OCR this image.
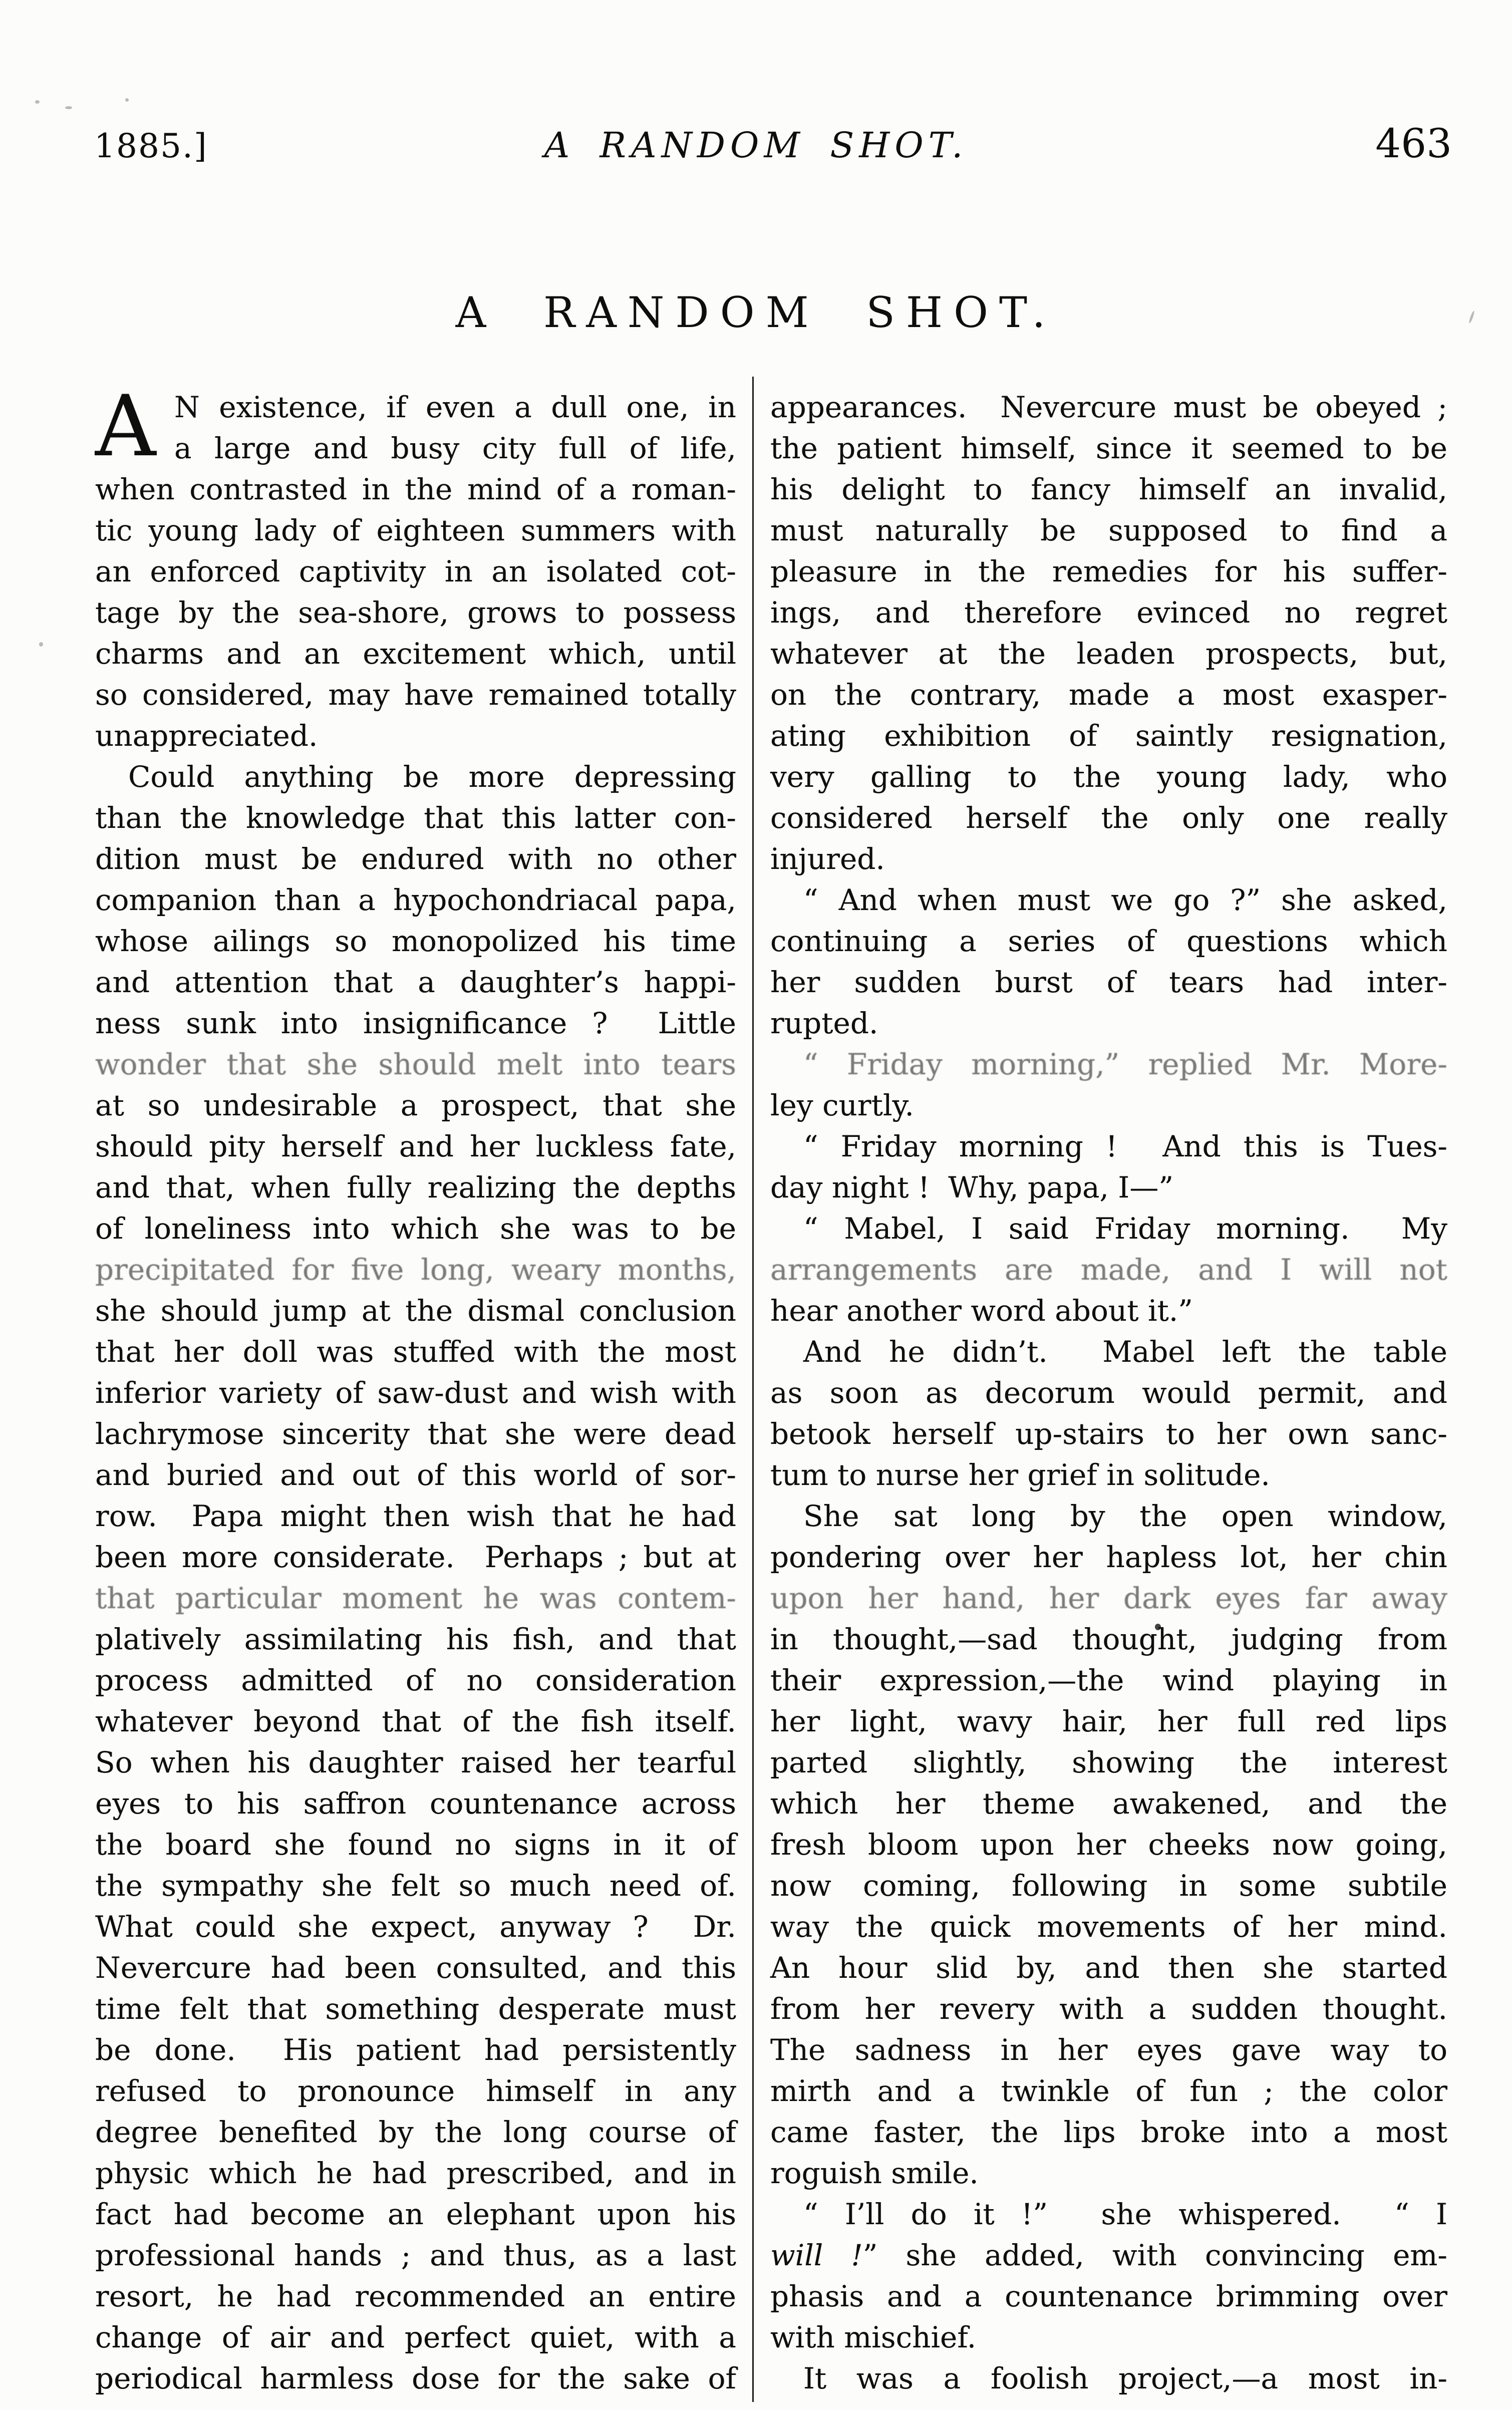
1885.]	A RANDOM SHOT.	463
A RANDOM SHOT.
A N existence, if even a dull one, in
a large and busy city full of life,
when contrasted in the mind of a roman-
tic young lady of eighteen summers with
an enforced captivity in an isolated cot-
tage by the sea-shore, grows to possess
charms and an excitement which, until
so considered, may have remained totally
unappreciated.
Could anything be more depressing
than the knowledge that this latter con-
dition must be endured with no other
companion than a hypochondriacal papa,
whose ailings so monopolized his time
and attention that a daughter’s happi-
ness sunk into insignificance ?  Little
wonder that she should melt into tears
at so undesirable a prospect, that she
should pity herself and her luckless fate,
and that, when fully realizing the depths
of loneliness into which she was to be
precipitated for five long, weary months,
she should jump at the dismal conclusion
that her doll was stuffed with the most
inferior variety of saw-dust and wish with
lachrymose sincerity that she were dead
and buried and out of this world of sor-
row.  Papa might then wish that he had
been more considerate.  Perhaps ; but at
that particular moment he was contem-
platively assimilating his fish, and that
process admitted of no consideration
whatever beyond that of the fish itself.
So when his daughter raised her tearful
eyes to his saffron countenance across
the board she found no signs in it of
the sympathy she felt so much need of.
What could she expect, anyway ?  Dr.
Nevercure had been consulted, and this
time felt that something desperate must
be done.  His patient had persistently
refused to pronounce himself in any
degree benefited by the long course of
physic which he had prescribed, and in
fact had become an elephant upon his
professional hands ; and thus, as a last
resort, he had recommended an entire
change of air and perfect quiet, with a
periodical harmless dose for the sake of
appearances.  Nevercure must be obeyed ;
the patient himself, since it seemed to be
his delight to fancy himself an invalid,
must naturally be supposed to find a
pleasure in the remedies for his suffer-
ings, and therefore evinced no regret
whatever at the leaden prospects, but,
on the contrary, made a most exasper-
ating exhibition of saintly resignation,
very galling to the young lady, who
considered herself the only one really
injured.
“ And when must we go ?” she asked,
continuing a series of questions which
her sudden burst of tears had inter-
rupted.
“ Friday morning,” replied Mr. More-
ley curtly.
“ Friday morning !  And this is Tues-
day night !  Why, papa, I—”
“ Mabel, I said Friday morning.  My
arrangements are made, and I will not
hear another word about it.”
And he didn’t.  Mabel left the table
as soon as decorum would permit, and
betook herself up-stairs to her own sanc-
tum to nurse her grief in solitude.
She sat long by the open window,
pondering over her hapless lot, her chin
upon her hand, her dark eyes far away
in thought,—sad thought, judging from
their expression,—the wind playing in
her light, wavy hair, her full red lips
parted slightly, showing the interest
which her theme awakened, and the
fresh bloom upon her cheeks now going,
now coming, following in some subtile
way the quick movements of her mind.
An hour slid by, and then she started
from her revery with a sudden thought.
The sadness in her eyes gave way to
mirth and a twinkle of fun ; the color
came faster, the lips broke into a most
roguish smile.
“ I’ll do it !”  she whispered.  “ I
will !” she added, with convincing em-
phasis and a countenance brimming over
with mischief.
It was a foolish project,—a most in-
